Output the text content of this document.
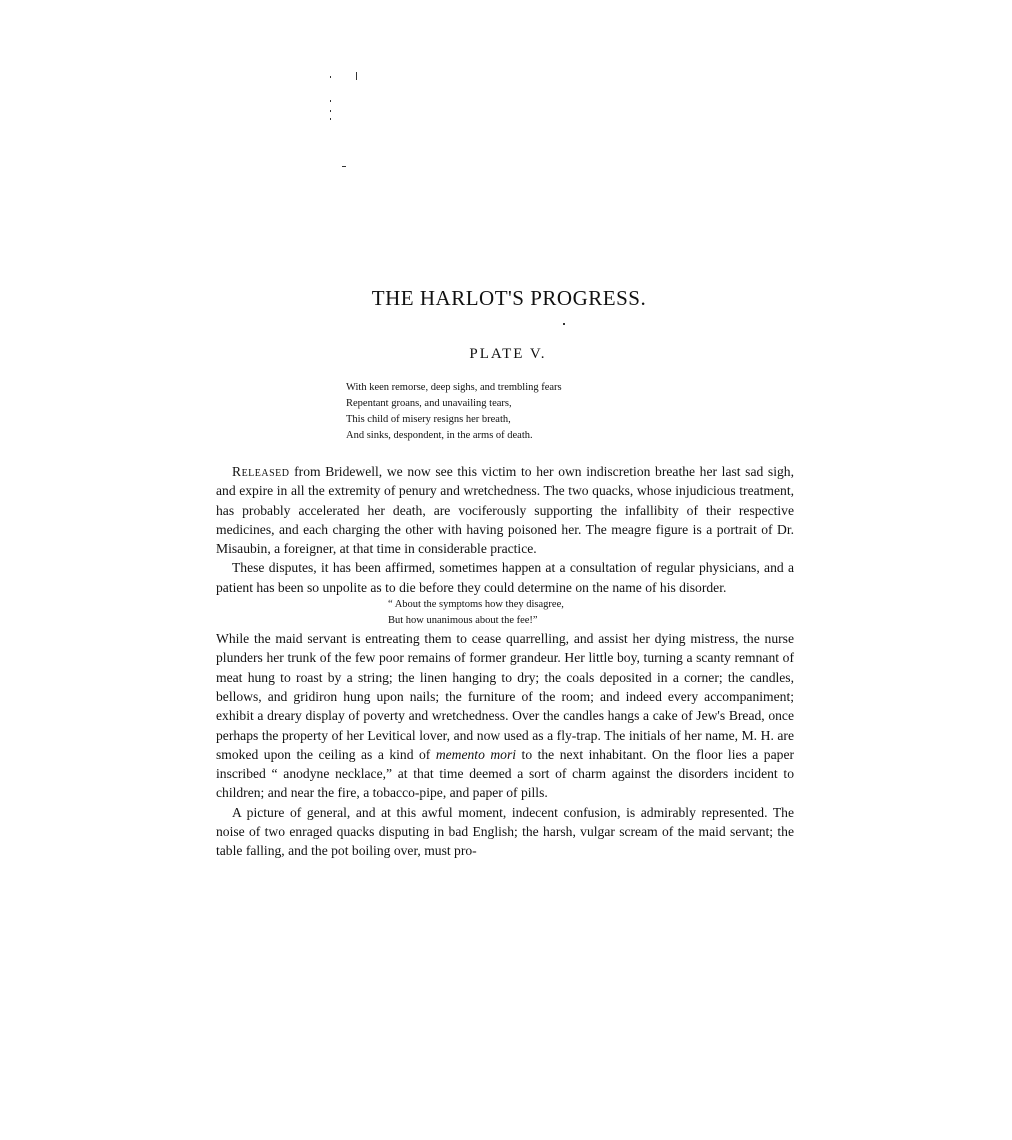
THE HARLOT'S PROGRESS.
PLATE V.
With keen remorse, deep sighs, and trembling fears
Repentant groans, and unavailing tears,
This child of misery resigns her breath,
And sinks, despondent, in the arms of death.

Released from Bridewell, we now see this victim to her own indiscretion breathe her last sad sigh, and expire in all the extremity of penury and wretchedness. The two quacks, whose injudicious treatment, has probably accelerated her death, are vociferously supporting the infallibity of their respective medicines, and each charging the other with having poisoned her. The meagre figure is a portrait of Dr. Misaubin, a foreigner, at that time in considerable practice.

These disputes, it has been affirmed, sometimes happen at a consultation of regular physicians, and a patient has been so unpolite as to die before they could determine on the name of his disorder.

“ About the symptoms how they disagree,
But how unanimous about the fee!”

While the maid servant is entreating them to cease quarrelling, and assist her dying mistress, the nurse plunders her trunk of the few poor remains of former grandeur. Her little boy, turning a scanty remnant of meat hung to roast by a string; the linen hanging to dry; the coals deposited in a corner; the candles, bellows, and gridiron hung upon nails; the furniture of the room; and indeed every accompaniment; exhibit a dreary display of poverty and wretchedness. Over the candles hangs a cake of Jew's Bread, once perhaps the property of her Levitical lover, and now used as a fly-trap. The initials of her name, M. H. are smoked upon the ceiling as a kind of memento mori to the next inhabitant. On the floor lies a paper inscribed “ anodyne necklace,” at that time deemed a sort of charm against the disorders incident to children; and near the fire, a tobacco-pipe, and paper of pills.

A picture of general, and at this awful moment, indecent confusion, is admirably represented. The noise of two enraged quacks disputing in bad English; the harsh, vulgar scream of the maid servant; the table falling, and the pot boiling over, must pro-
